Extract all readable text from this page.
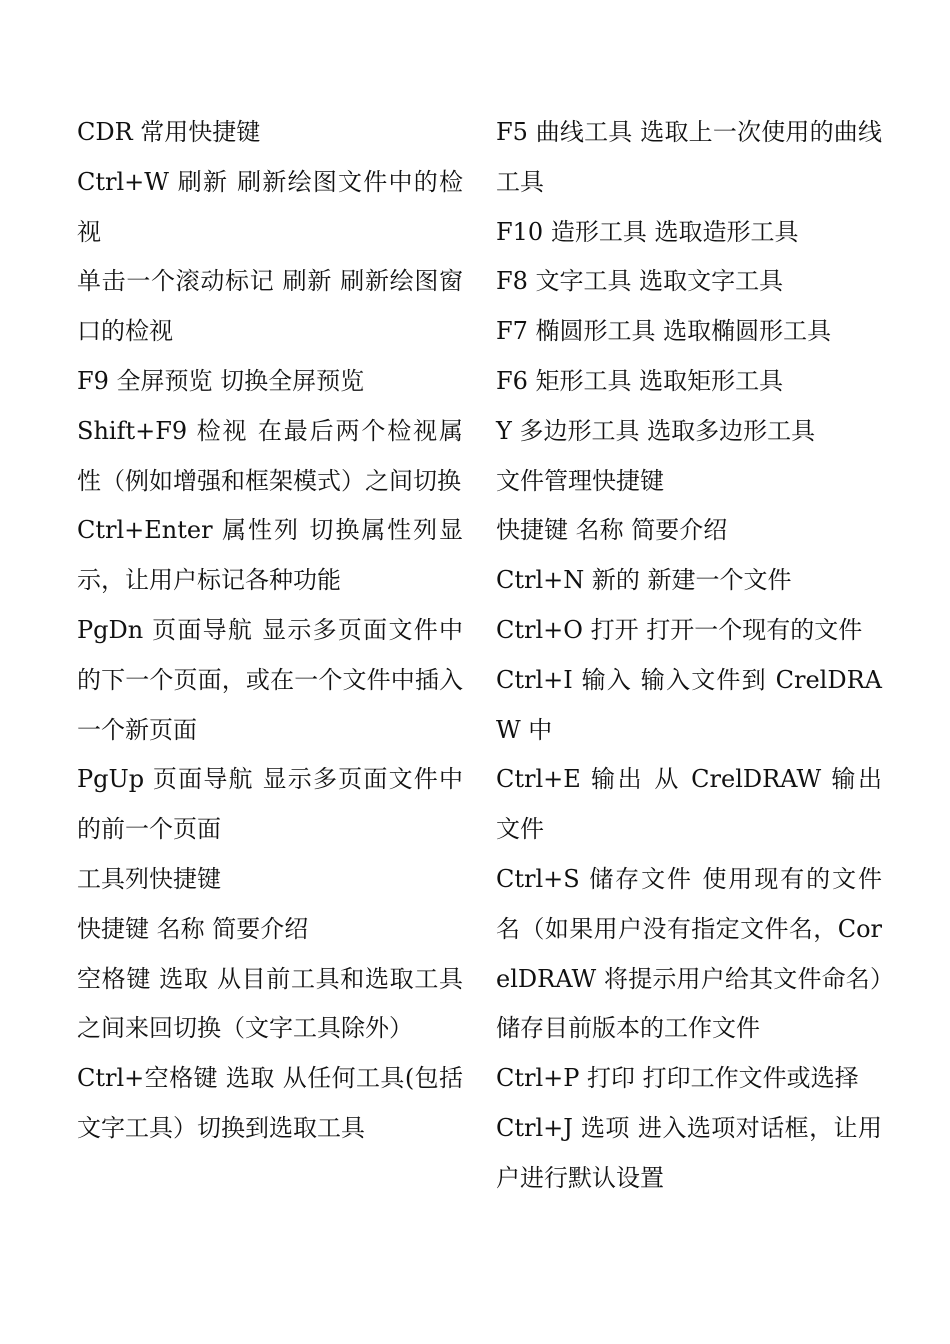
CDR 常用快捷键

Ctrl+W 刷新 刷新绘图文件中的检视

单击一个滚动标记 刷新 刷新绘图窗口的检视

F9 全屏预览 切换全屏预览

Shift+F9 检视 在最后两个检视属性（例如增强和框架模式）之间切换

Ctrl+Enter 属性列 切换属性列显示，让用户标记各种功能

PgDn 页面导航 显示多页面文件中的下一个页面，或在一个文件中插入一个新页面

PgUp 页面导航 显示多页面文件中的前一个页面

工具列快捷键

快捷键 名称 简要介绍

空格键 选取 从目前工具和选取工具之间来回切换（文字工具除外）

Ctrl+空格键 选取 从任何工具(包括文字工具）切换到选取工具

F5 曲线工具 选取上一次使用的曲线工具

F10 造形工具 选取造形工具

F8 文字工具 选取文字工具

F7 椭圆形工具 选取椭圆形工具

F6 矩形工具 选取矩形工具

Y 多边形工具 选取多边形工具

文件管理快捷键

快捷键 名称 简要介绍

Ctrl+N 新的 新建一个文件

Ctrl+O 打开 打开一个现有的文件

Ctrl+I 输入 输入文件到 CrelDRAW 中

Ctrl+E 输出 从 CrelDRAW 输出文件

Ctrl+S 储存文件 使用现有的文件名（如果用户没有指定文件名，CorelDRAW 将提示用户给其文件命名）储存目前版本的工作文件

Ctrl+P 打印 打印工作文件或选择

Ctrl+J 选项 进入选项对话框，让用户进行默认设置
